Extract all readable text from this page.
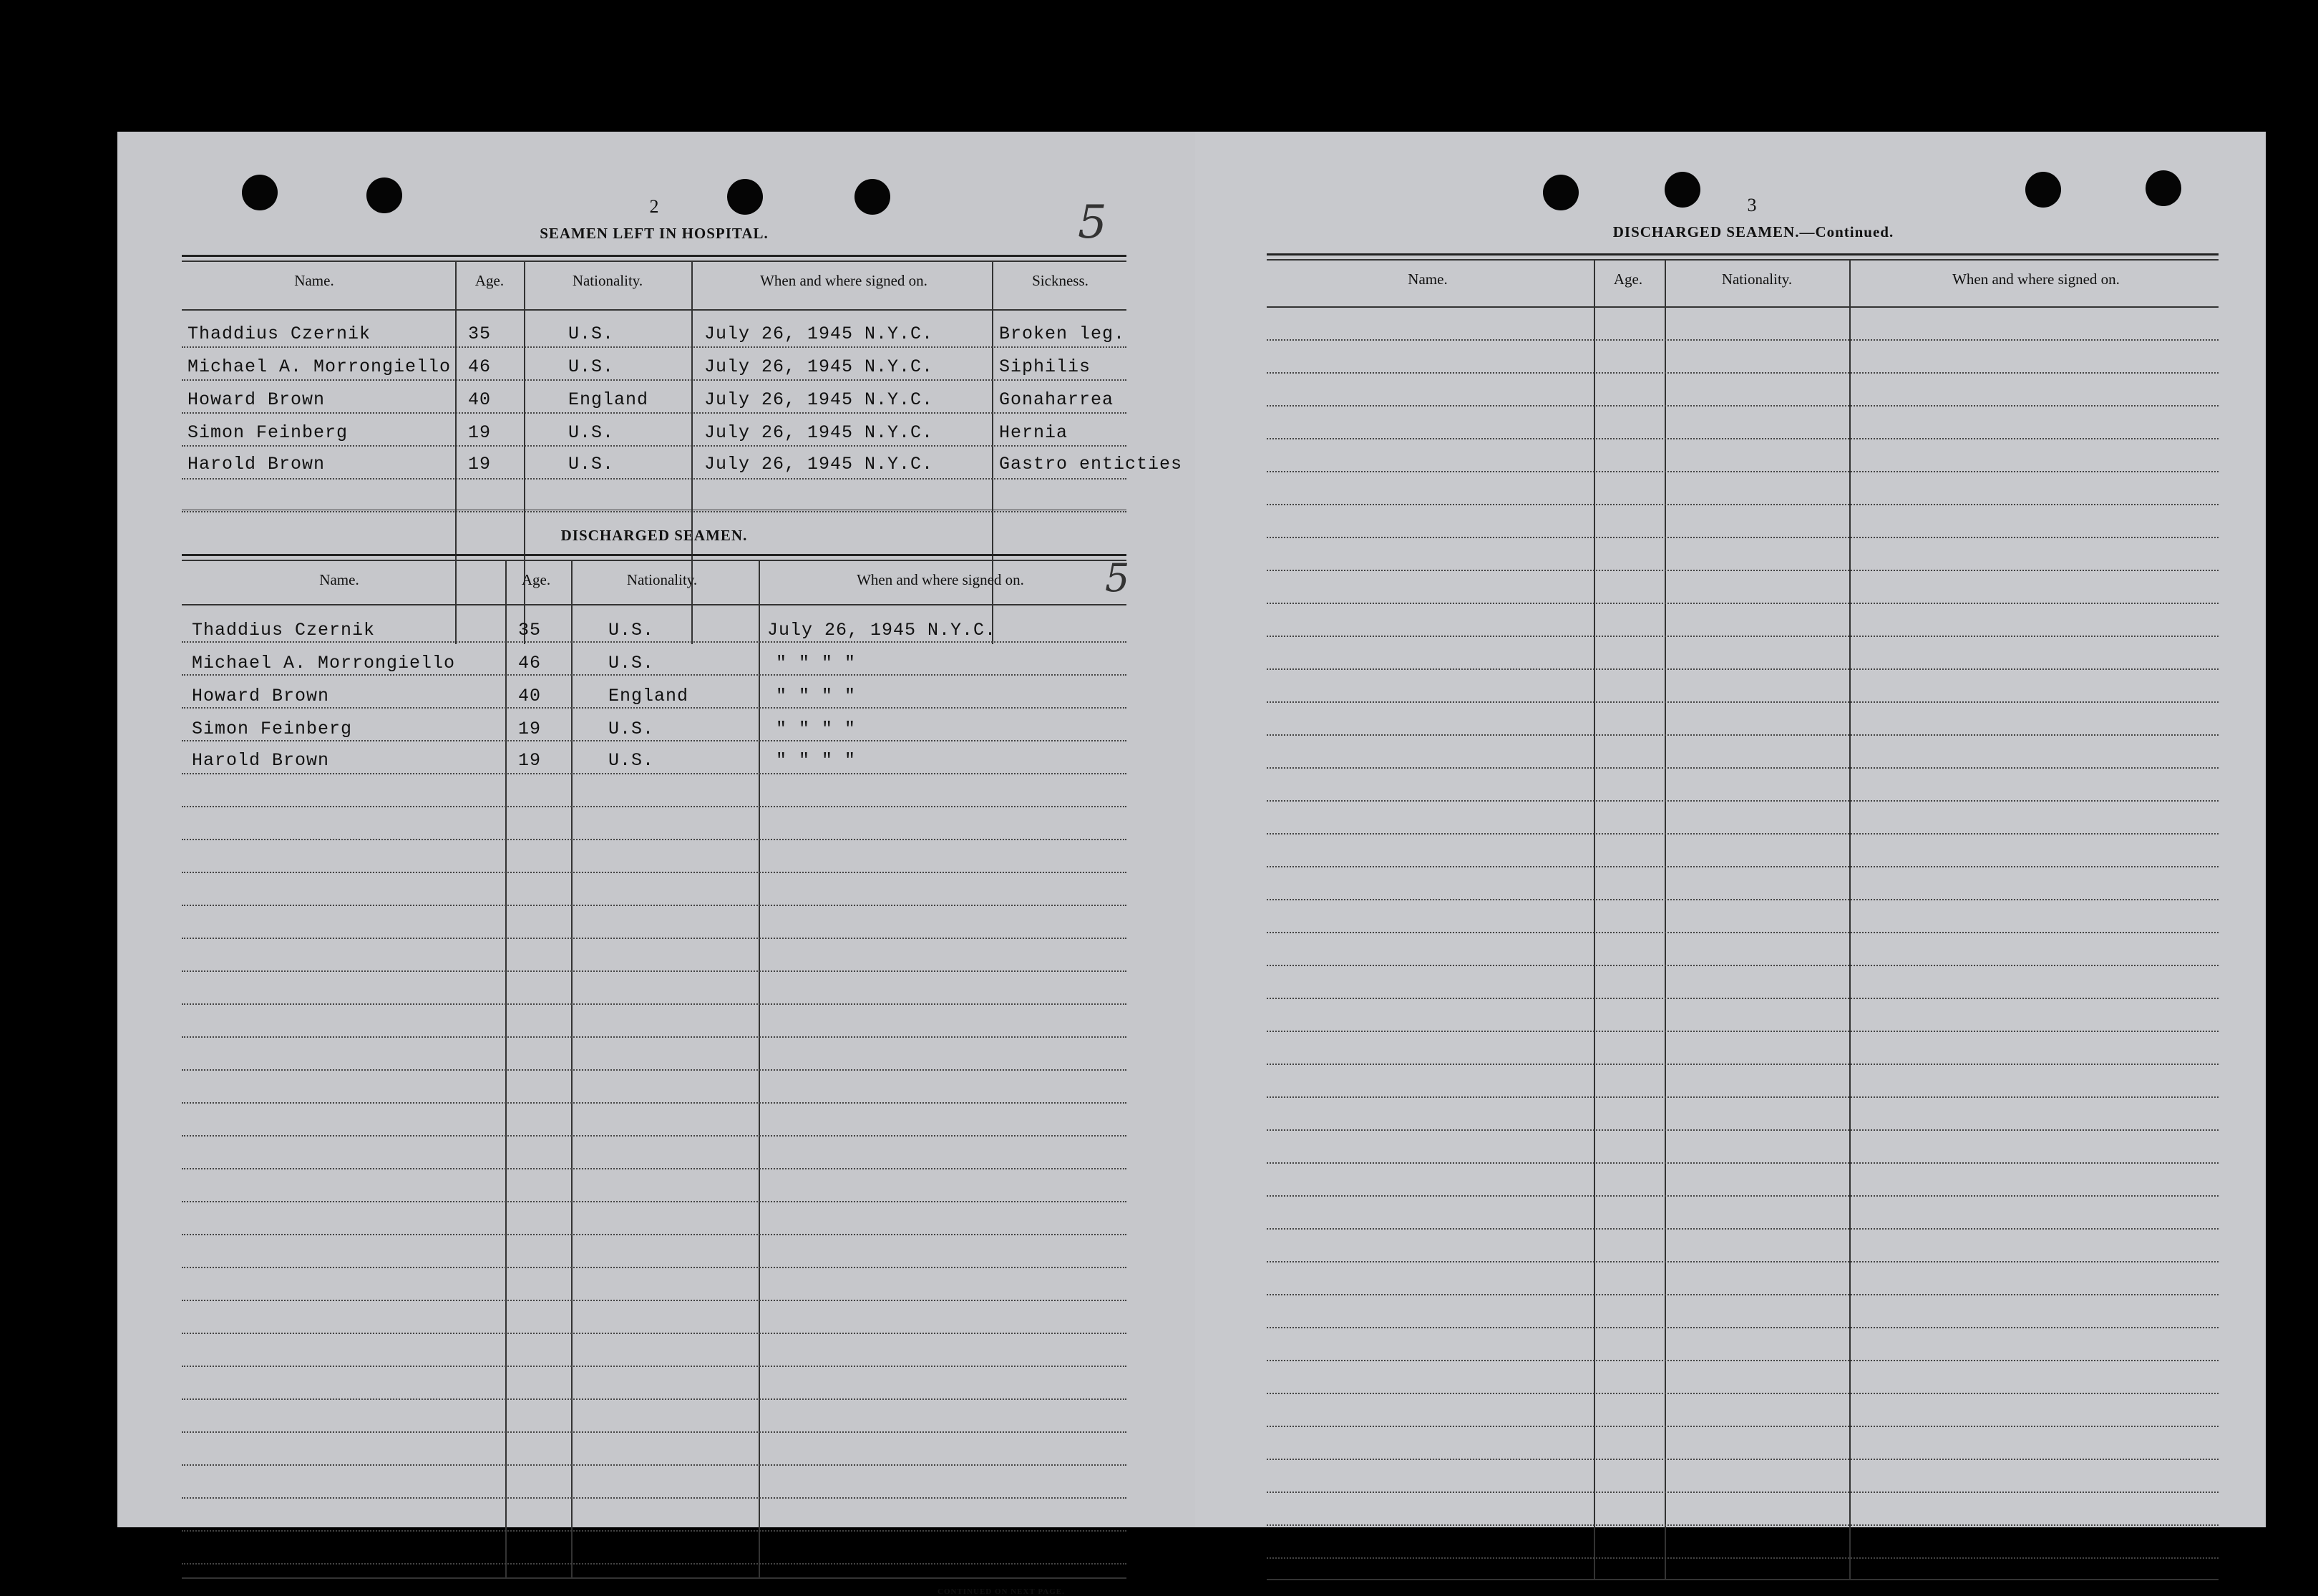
2	5
SEAMEN LEFT IN HOSPITAL.
Name.	Age.	Nationality.	When and where signed on.	Sickness.
Thaddius Czernik	35	U.S.	July 26, 1945 N.Y.C.	Broken leg.
Michael A. Morrongiello 46	U.S.	July 26, 1945 N.Y.C.	Siphilis
Howard Brown	40	England	July 26, 1945 N.Y.C.	Gonaharrea
Simon Feinberg	19	U.S.	July 26, 1945 N.Y.C.	Hernia
Harold Brown	19	U.S.	July 26, 1945 N.Y.C.	Gastro enticties
DISCHARGED SEAMEN.
5
Name.	Age.	Nationality.	When and where signed on.
Thaddius Czernik	35	U.S.	July 26, 1945 N.Y.C.
Michael A. Morrongiello	46	U.S.	" " " "
Howard Brown	40	England	" " " "
Simon Feinberg	19	U.S.	" " " "
Harold Brown	19	U.S.	" " " "
CONTINUED ON NEXT PAGE.
3
DISCHARGED SEAMEN.—Continued.
Name.	Age.	Nationality.	When and where signed on.
